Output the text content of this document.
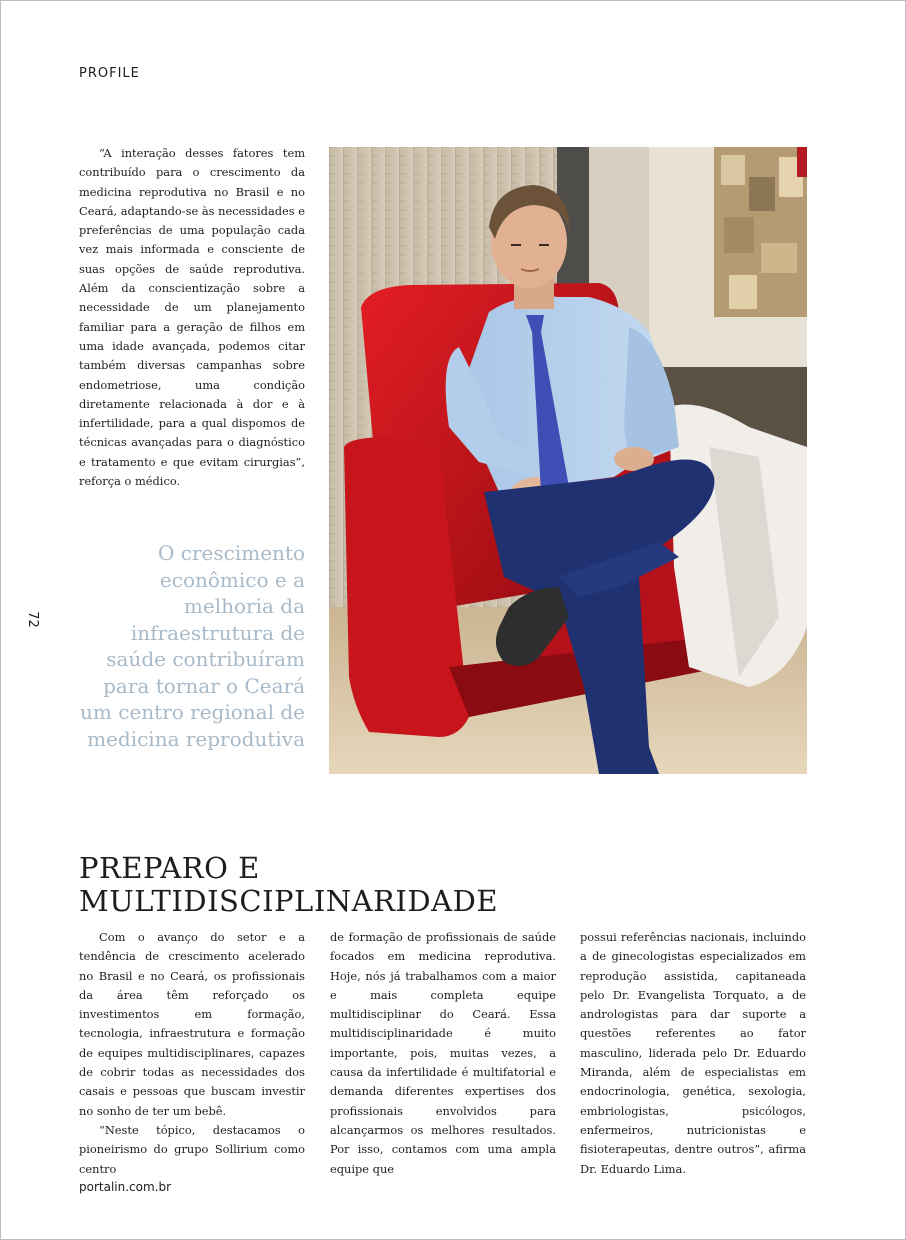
PROFILE
72

“A interação desses fatores tem contribuído para o crescimento da medicina reprodutiva no Brasil e no Ceará, adaptando-se às necessidades e preferências de uma população cada vez mais informada e consciente de suas opções de saúde reprodutiva. Além da conscientização sobre a necessidade de um planejamento familiar para a geração de filhos em uma idade avançada, podemos citar também diversas campanhas sobre endometriose, uma condição diretamente relacionada à dor e à infertilidade, para a qual dispomos de técnicas avançadas para o diagnóstico e tratamento e que evitam cirurgias”, reforça o médico.

O crescimento econômico e a melhoria da infraestrutura de saúde contribuíram para tornar o Ceará um centro regional de medicina reprodutiva

PREPARO E
MULTIDISCIPLINARIDADE

Com o avanço do setor e a tendência de crescimento acelerado no Brasil e no Ceará, os profissionais da área têm reforçado os investimentos em formação, tecnologia, infraestrutura e formação de equipes multidisciplinares, capazes de cobrir todas as necessidades dos casais e pessoas que buscam investir no sonho de ter um bebê.

“Neste tópico, destacamos o pioneirismo do grupo Sollirium como centro

de formação de profissionais de saúde focados em medicina reprodutiva. Hoje, nós já trabalhamos com a maior e mais completa equipe multidisciplinar do Ceará. Essa multidisciplinaridade é muito importante, pois, muitas vezes, a causa da infertilidade é multifatorial e demanda diferentes expertises dos profissionais envolvidos para alcançarmos os melhores resultados. Por isso, contamos com uma ampla equipe que

possui referências nacionais, incluindo a de ginecologistas especializados em reprodução assistida, capitaneada pelo Dr. Evangelista Torquato, a de andrologistas para dar suporte a questões referentes ao fator masculino, liderada pelo Dr. Eduardo Miranda, além de especialistas em endocrinologia, genética, sexologia, embriologistas, psicólogos, enfermeiros, nutricionistas e fisioterapeutas, dentre outros”, afirma Dr. Eduardo Lima.

portalin.com.br
